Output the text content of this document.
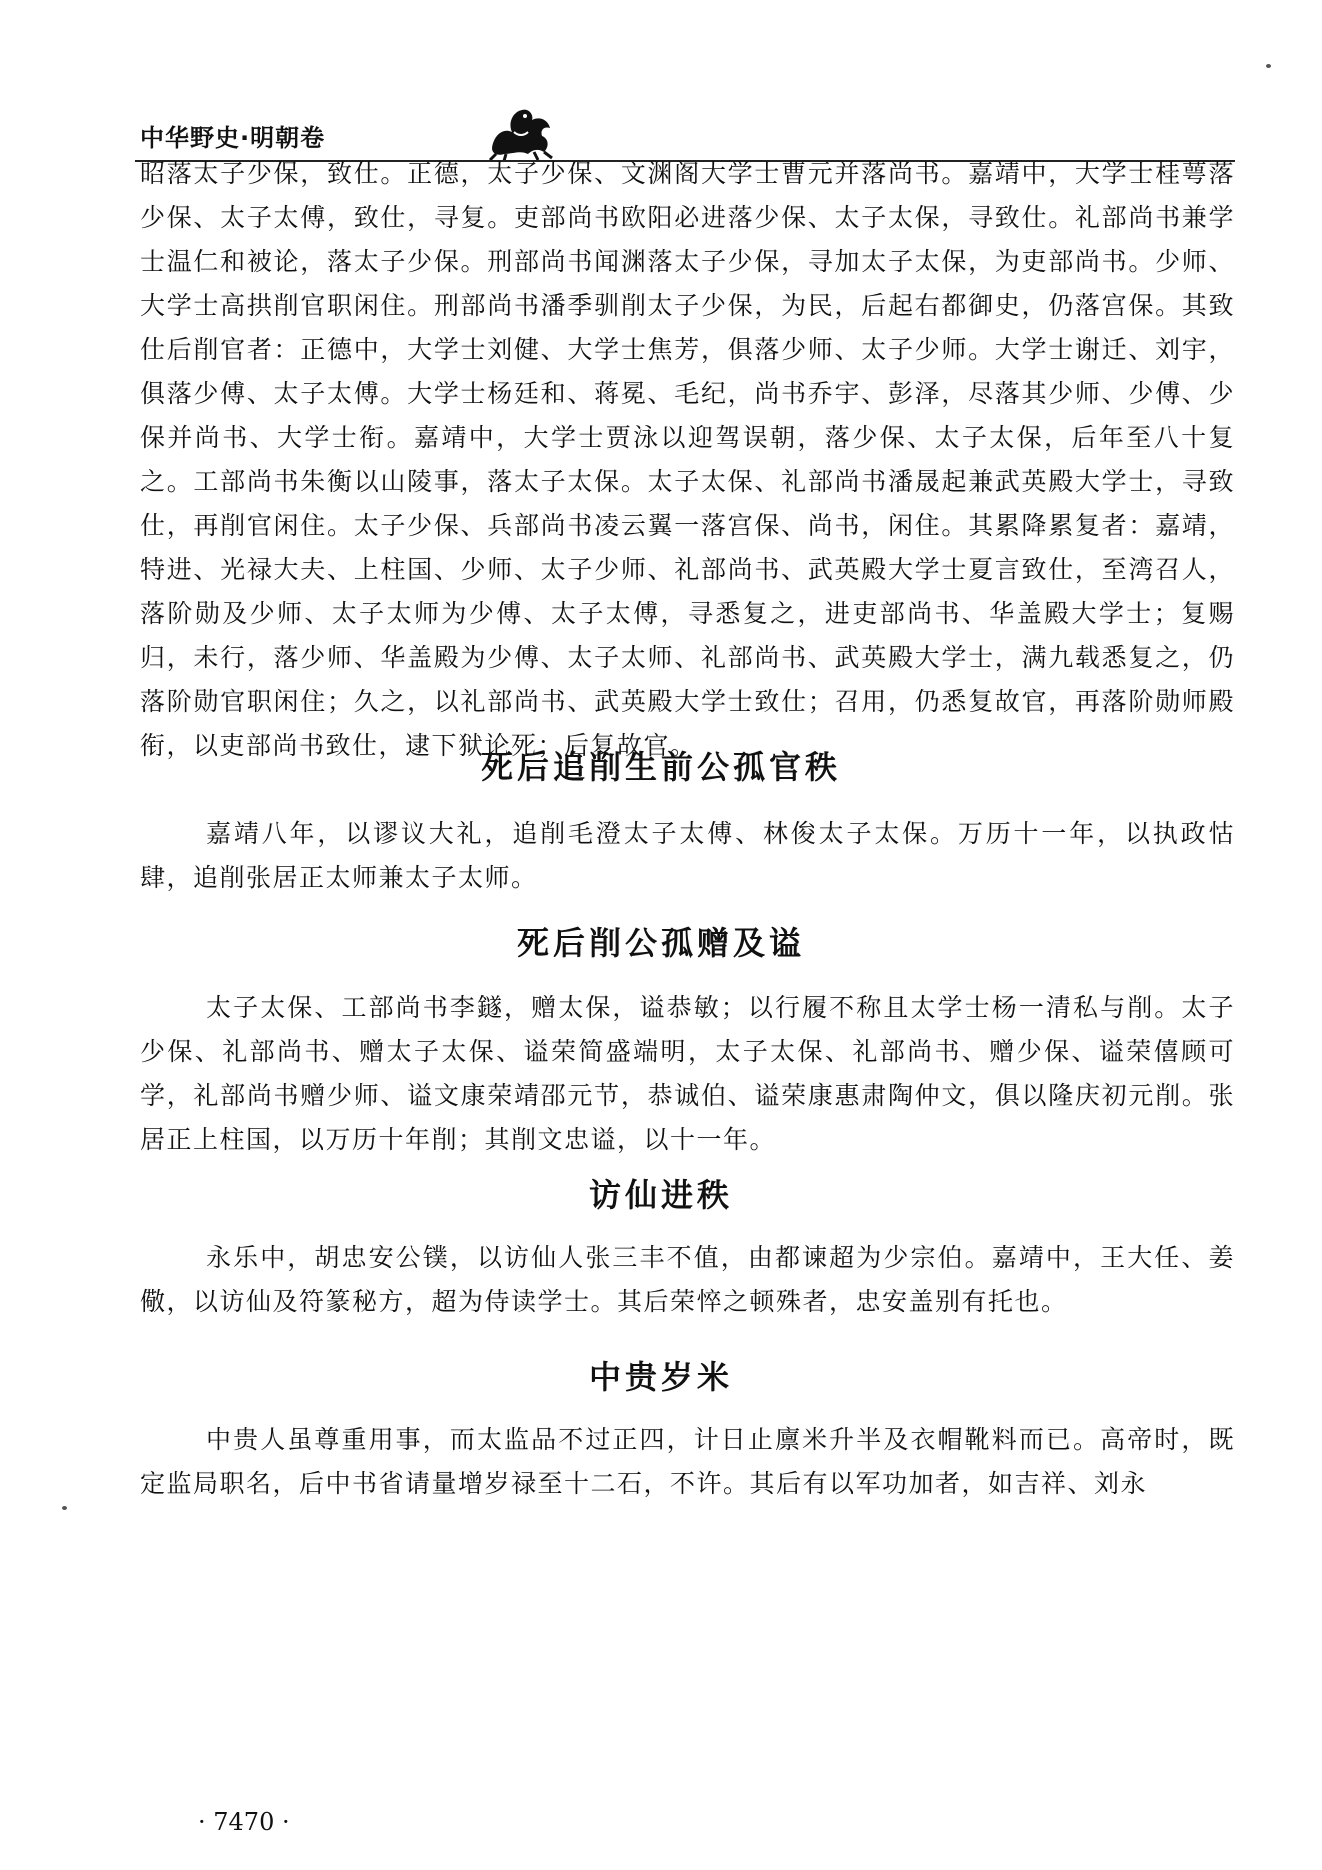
中华野史·明朝卷

昭落太子少保，致仕。正德，太子少保、文渊阁大学士曹元并落尚书。嘉靖中，大学士桂萼落少保、太子太傅，致仕，寻复。吏部尚书欧阳必进落少保、太子太保，寻致仕。礼部尚书兼学士温仁和被论，落太子少保。刑部尚书闻渊落太子少保，寻加太子太保，为吏部尚书。少师、大学士高拱削官职闲住。刑部尚书潘季驯削太子少保，为民，后起右都御史，仍落宫保。其致仕后削官者：正德中，大学士刘健、大学士焦芳，俱落少师、太子少师。大学士谢迁、刘宇，俱落少傅、太子太傅。大学士杨廷和、蒋冕、毛纪，尚书乔宇、彭泽，尽落其少师、少傅、少保并尚书、大学士衔。嘉靖中，大学士贾泳以迎驾误朝，落少保、太子太保，后年至八十复之。工部尚书朱衡以山陵事，落太子太保。太子太保、礼部尚书潘晟起兼武英殿大学士，寻致仕，再削官闲住。太子少保、兵部尚书凌云翼一落宫保、尚书，闲住。其累降累复者：嘉靖，特进、光禄大夫、上柱国、少师、太子少师、礼部尚书、武英殿大学士夏言致仕，至湾召人，落阶勋及少师、太子太师为少傅、太子太傅，寻悉复之，进吏部尚书、华盖殿大学士；复赐归，未行，落少师、华盖殿为少傅、太子太师、礼部尚书、武英殿大学士，满九载悉复之，仍落阶勋官职闲住；久之，以礼部尚书、武英殿大学士致仕；召用，仍悉复故官，再落阶勋师殿衔，以吏部尚书致仕，逮下狱论死；后复故官。

死后追削生前公孤官秩

嘉靖八年，以谬议大礼，追削毛澄太子太傅、林俊太子太保。万历十一年，以执政怙肆，追削张居正太师兼太子太师。

死后削公孤赠及谥

太子太保、工部尚书李鐩，赠太保，谥恭敏；以行履不称且太学士杨一清私与削。太子少保、礼部尚书、赠太子太保、谥荣简盛端明，太子太保、礼部尚书、赠少保、谥荣僖顾可学，礼部尚书赠少师、谥文康荣靖邵元节，恭诚伯、谥荣康惠肃陶仲文，俱以隆庆初元削。张居正上柱国，以万历十年削；其削文忠谥，以十一年。

访仙进秩

永乐中，胡忠安公镤，以访仙人张三丰不值，由都谏超为少宗伯。嘉靖中，王大任、姜儆，以访仙及符篆秘方，超为侍读学士。其后荣悴之顿殊者，忠安盖别有托也。

中贵岁米

中贵人虽尊重用事，而太监品不过正四，计日止廪米升半及衣帽靴料而已。高帝时，既定监局职名，后中书省请量增岁禄至十二石，不许。其后有以军功加者，如吉祥、刘永

· 7470 ·
